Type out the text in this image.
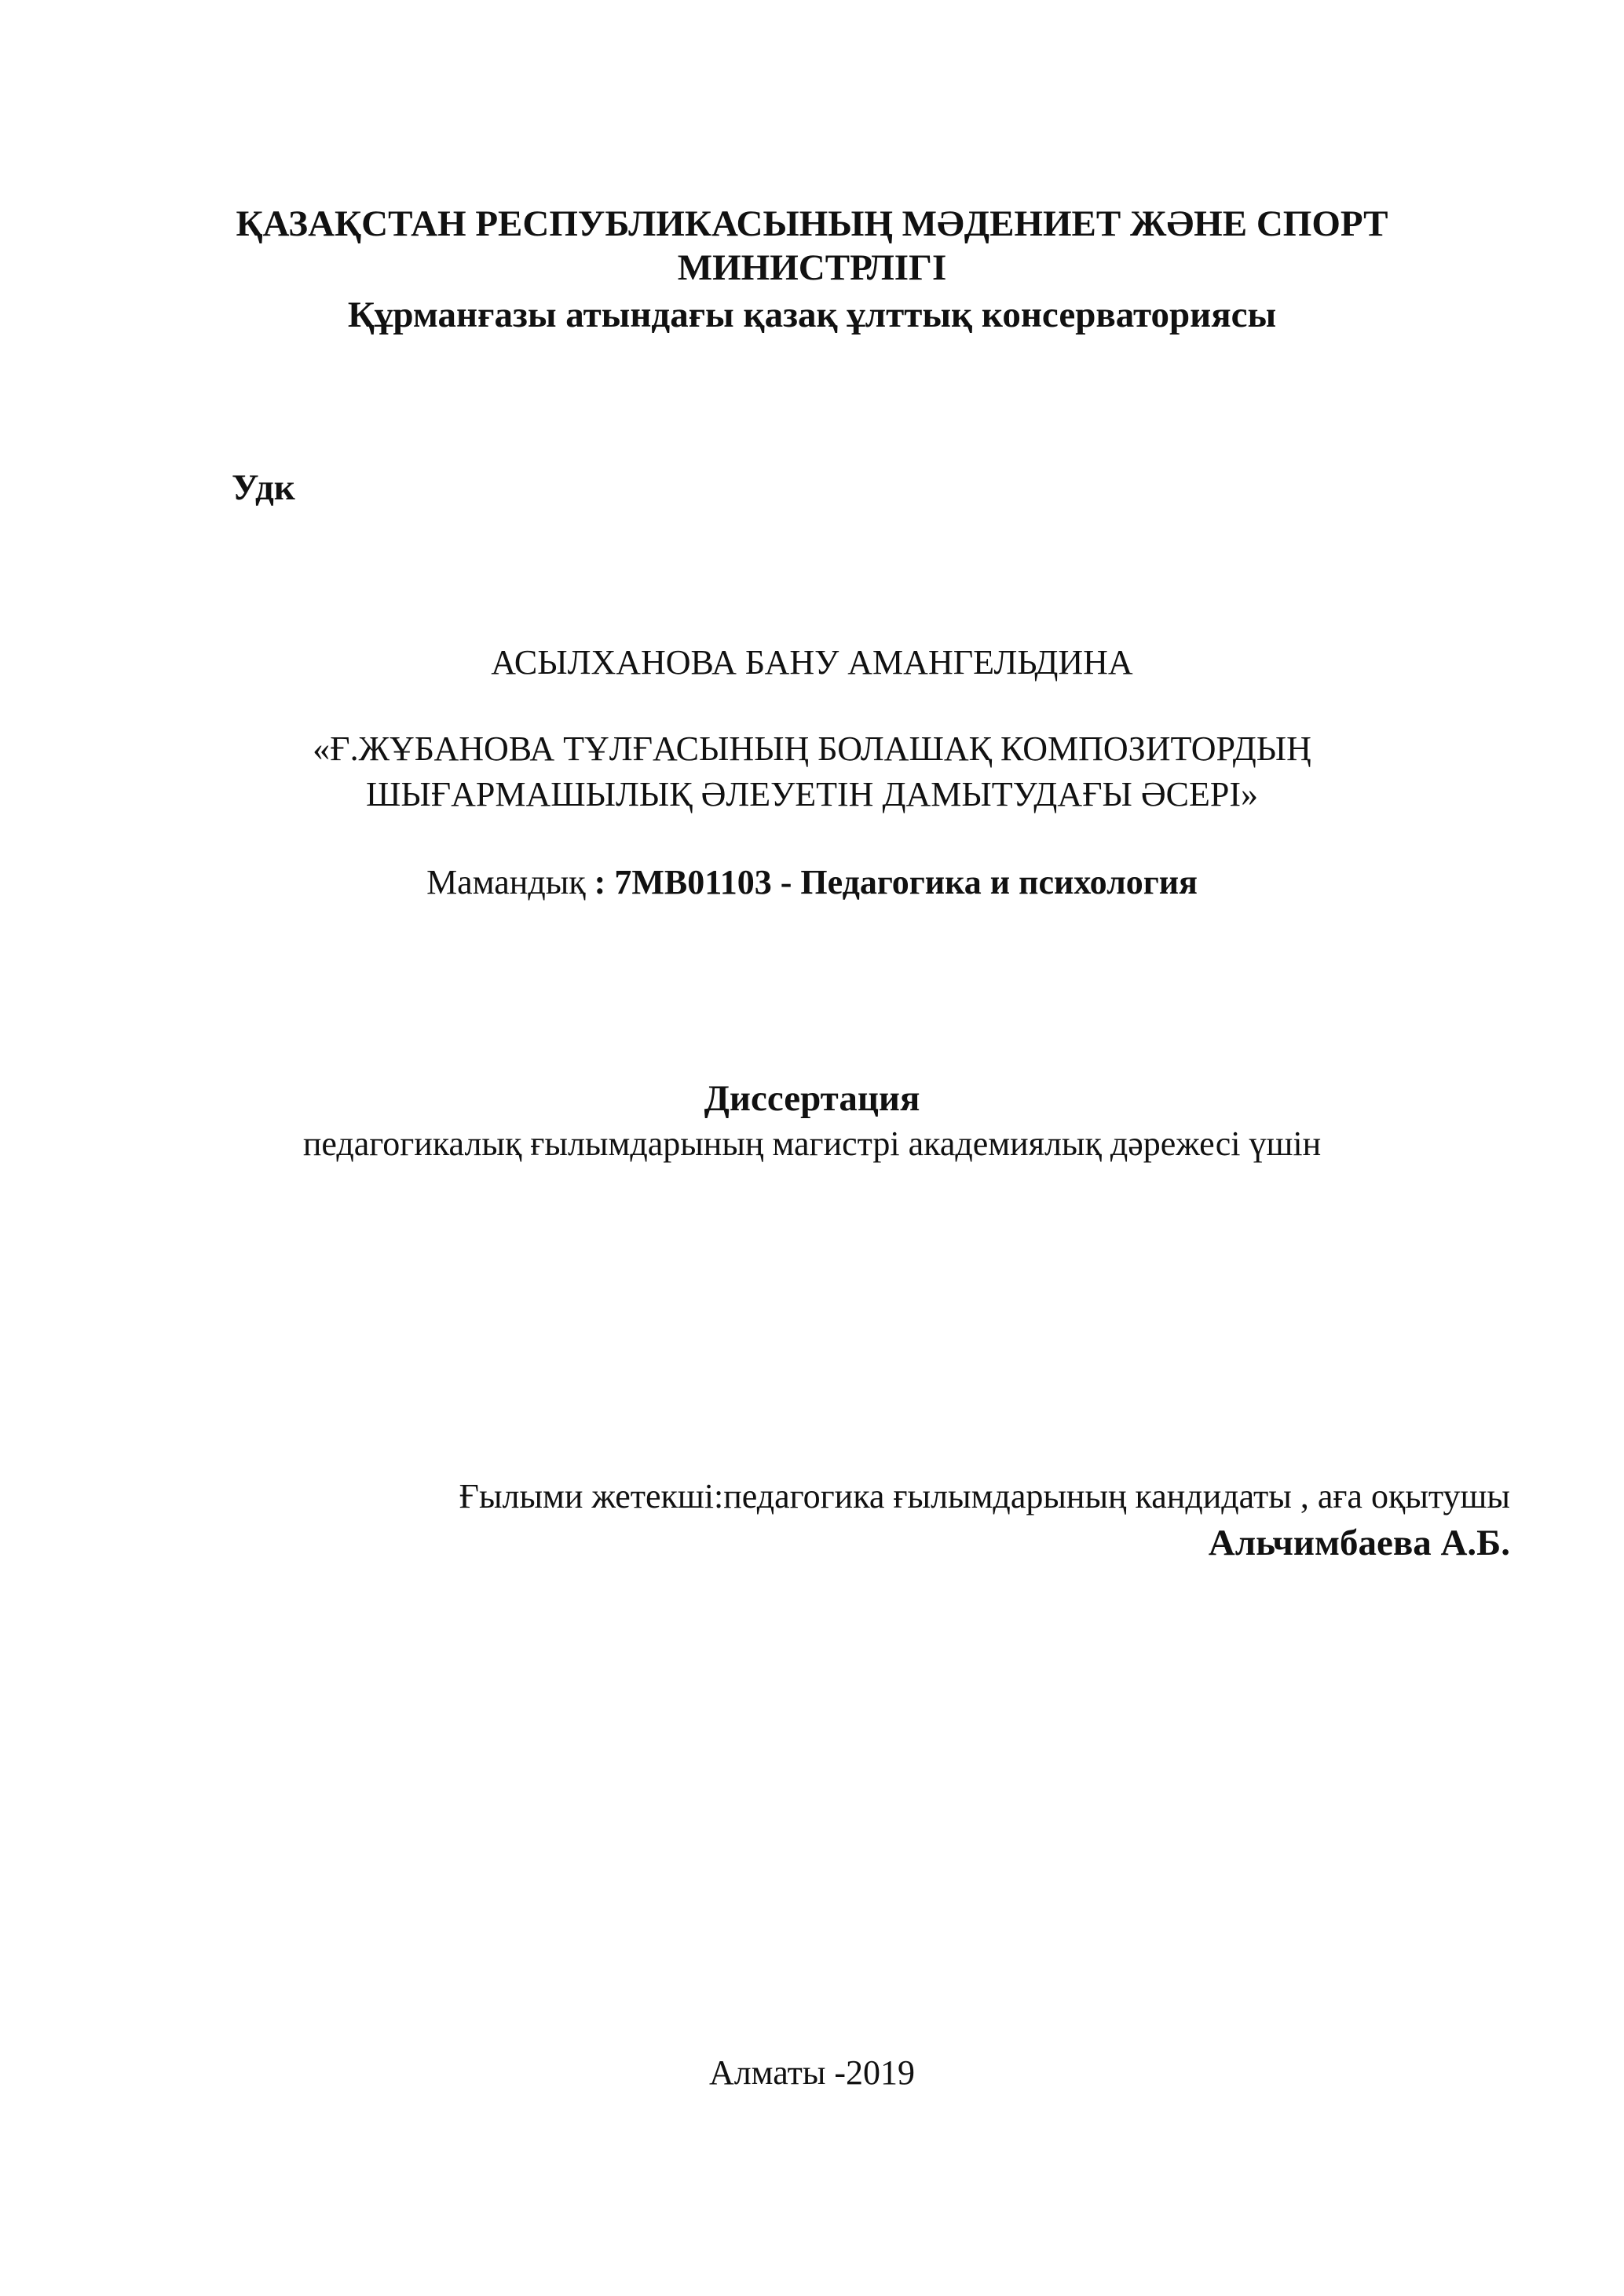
ҚАЗАҚСТАН РЕСПУБЛИКАСЫНЫҢ МӘДЕНИЕТ ЖӘНЕ СПОРТ
МИНИСТРЛІГІ
Құрманғазы атындағы қазақ ұлттық консерваториясы
Удк
АСЫЛХАНОВА БАНУ АМАНГЕЛЬДИНА
«Ғ.ЖҰБАНОВА ТҰЛҒАСЫНЫҢ БОЛАШАҚ КОМПОЗИТОРДЫҢ
ШЫҒАРМАШЫЛЫҚ ӘЛЕУЕТІН ДАМЫТУДАҒЫ ӘСЕРІ»
Мамандық : 7MB01103 - Педагогика и психология
Диссертация
педагогикалық ғылымдарының магистрі академиялық дәрежесі үшін
Ғылыми жетекші:педагогика ғылымдарының кандидаты , аға оқытушы
Альчимбаева А.Б.
Алматы -2019
